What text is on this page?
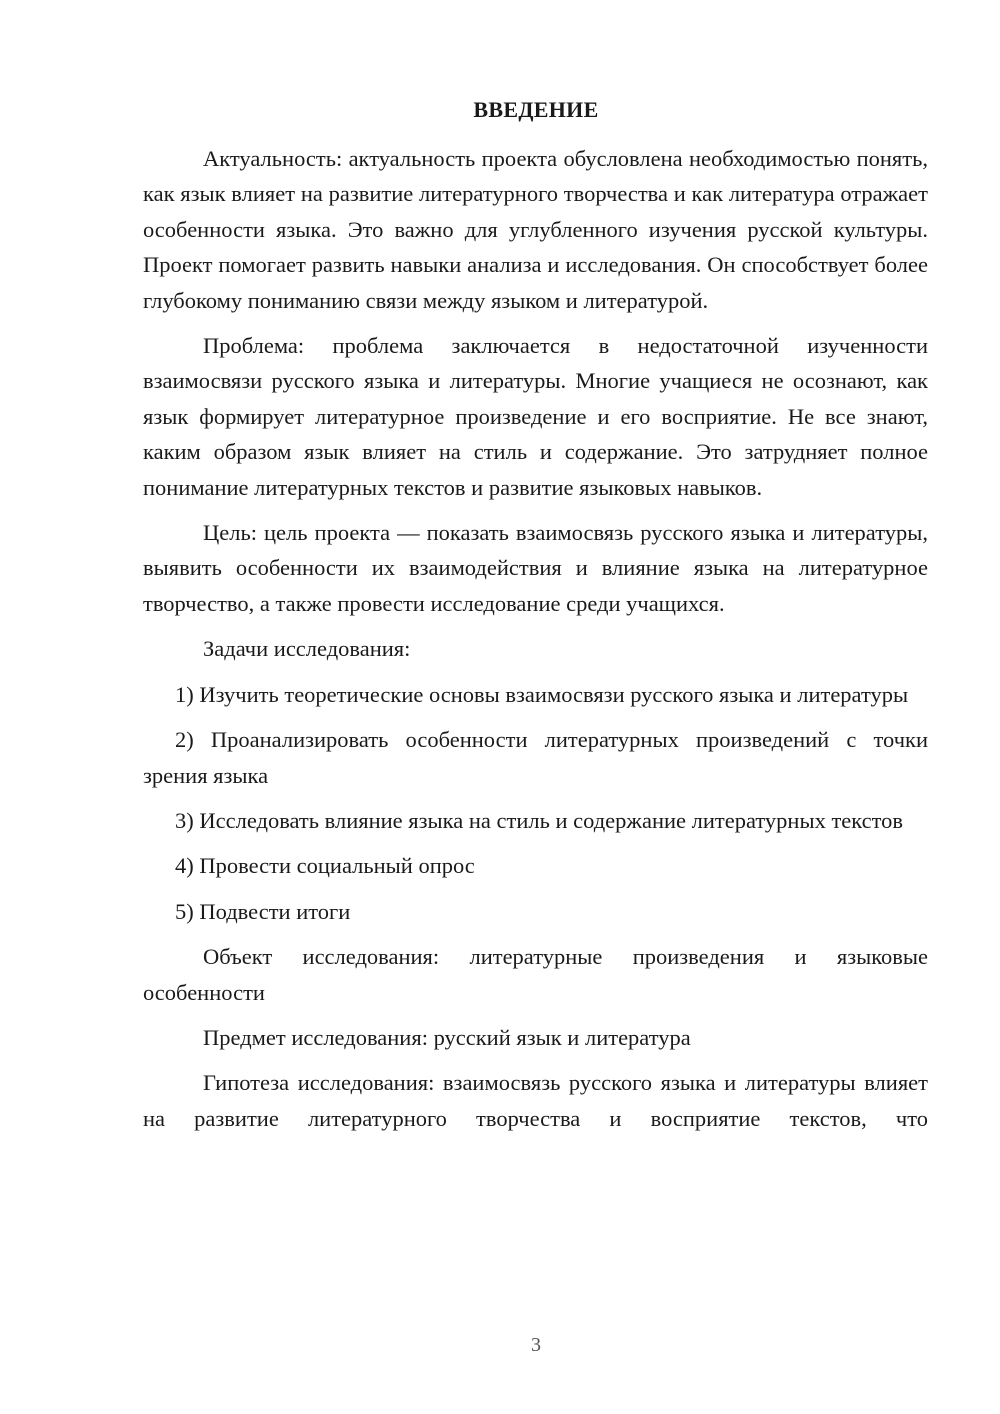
ВВЕДЕНИЕ

Актуальность: актуальность проекта обусловлена необходимостью понять, как язык влияет на развитие литературного творчества и как литература отражает особенности языка. Это важно для углубленного изучения русской культуры. Проект помогает развить навыки анализа и исследования. Он способствует более глубокому пониманию связи между языком и литературой.

Проблема: проблема заключается в недостаточной изученности взаимосвязи русского языка и литературы. Многие учащиеся не осознают, как язык формирует литературное произведение и его восприятие. Не все знают, каким образом язык влияет на стиль и содержание. Это затрудняет полное понимание литературных текстов и развитие языковых навыков.

Цель: цель проекта — показать взаимосвязь русского языка и литературы, выявить особенности их взаимодействия и влияние языка на литературное творчество, а также провести исследование среди учащихся.

Задачи исследования:

1) Изучить теоретические основы взаимосвязи русского языка и литературы

2) Проанализировать особенности литературных произведений с точки зрения языка

3) Исследовать влияние языка на стиль и содержание литературных текстов

4) Провести социальный опрос

5) Подвести итоги

Объект исследования: литературные произведения и языковые особенности

Предмет исследования: русский язык и литература

Гипотеза исследования: взаимосвязь русского языка и литературы влияет на развитие литературного творчества и восприятие текстов, что

3
